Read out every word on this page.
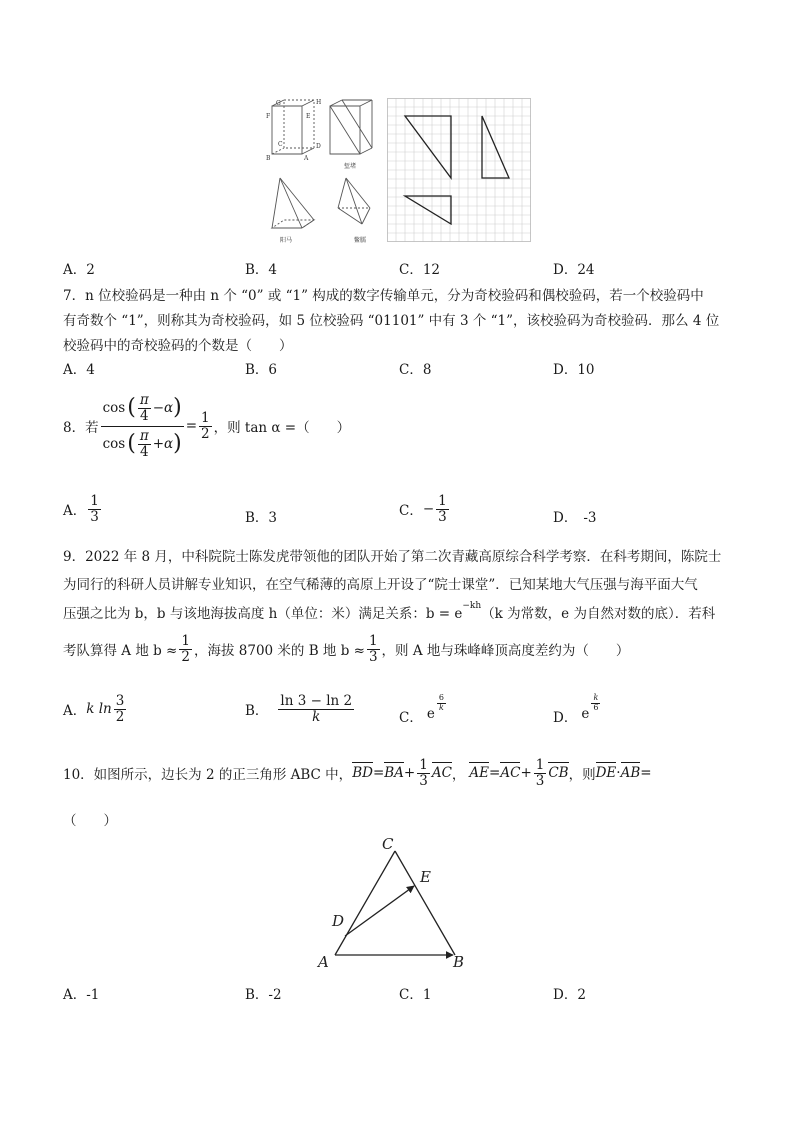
G	H
F	E
C	D
B	A
堑堵
阳马	鳖臑
A．2	B．4	C．12	D．24
7．n 位校验码是一种由 n 个 “0” 或 “1” 构成的数字传输单元，分为奇校验码和偶校验码，若一个校验码中
有奇数个 “1”，则称其为奇校验码，如 5 位校验码 “01101” 中有 3 个 “1”，该校验码为奇校验码．那么 4 位
校验码中的奇校验码的个数是（　　）
A．4	B．6	C．8	D．10
8．若 $\frac{\cos ( \frac{\pi}{4} -\alpha )}{\cos ( \frac{\pi}{4} +\alpha )} = \frac{1}{2}$ ，则 tan α =（　　）
A． $\frac{1}{3}$	B．3	C． − $\frac{1}{3}$	D． -3
9．2022 年 8 月，中科院院士陈发虎带领他的团队开始了第二次青藏高原综合科学考察．在科考期间，陈院士
为同行的科研人员讲解专业知识，在空气稀薄的高原上开设了“院士课堂”．已知某地大气压强与海平面大气
压强之比为 b，b 与该地海拔高度 h（单位：米）满足关系：$b = e^{-kh}(k$ 为常数，e 为自然对数的底）．若科
考队算得 A 地 $b \approx \frac{1}{2}$ ，海拔 8700 米的 B 地 $b \approx \frac{1}{3}$ ，则 A 地与珠峰峰顶高度差约为（　　）
A． k $\ln \frac{3}{2}$	B． $\frac{\ln 3 - \ln 2}{k}$	C． e
$\frac{6}{k}$
D． e
$\frac{k}{6}$
10．如图所示，边长为 2 的正三角形 ABC 中， BD = BA + $\frac{1}{3}$ AC ， AE = AC + $\frac{1}{3}$ CB ，则 DE · AB =
（　　）
C
E
D
A	B
A．-1	B．-2	C．1	D．2
